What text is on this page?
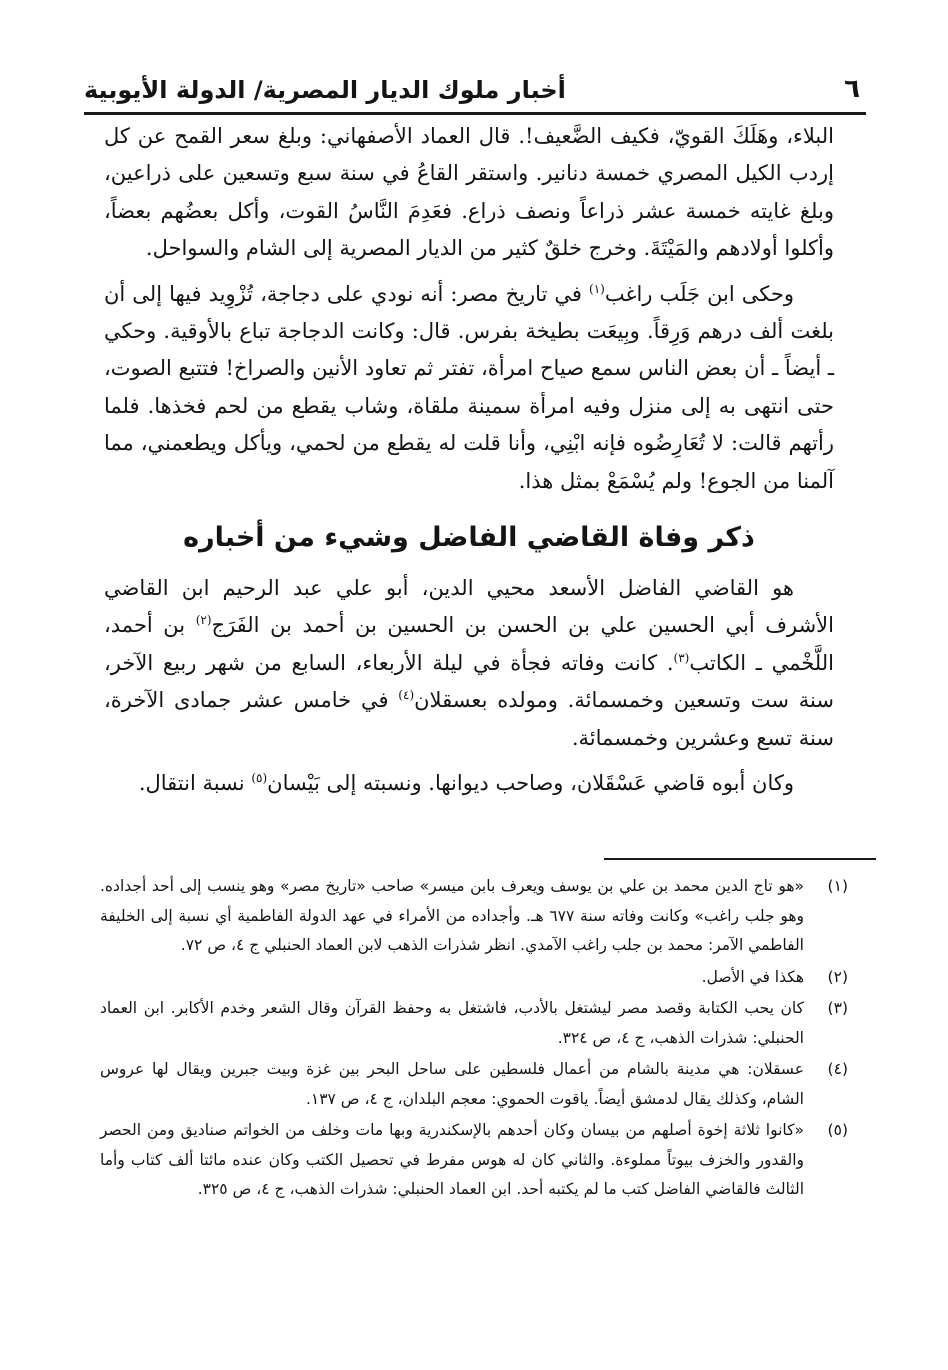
٦
أخبار ملوك الديار المصرية/ الدولة الأيوبية

البلاء، وهَلَكَ القويّ، فكيف الضَّعيف!. قال العماد الأصفهاني: وبلغ سعر القمح عن كل إردب الكيل المصري خمسة دنانير. واستقر القاعُ في سنة سبع وتسعين على ذراعين، وبلغ غايته خمسة عشر ذراعاً ونصف ذراع. فعَدِمَ النَّاسُ القوت، وأكل بعضُهم بعضاً، وأكلوا أولادهم والمَيْتَةَ. وخرج خلقٌ كثير من الديار المصرية إلى الشام والسواحل.

وحكى ابن جَلَب راغب$^{(١)}$ في تاريخ مصر: أنه نودي على دجاجة، تُزْوِيد فيها إلى أن بلغت ألف درهم وَرِقاً. وبِيعَت بطيخة بفرس. قال: وكانت الدجاجة تباع بالأوقية. وحكي ـ أيضاً ـ أن بعض الناس سمع صياح امرأة، تفتر ثم تعاود الأنين والصراخ! فتتبع الصوت، حتى انتهى به إلى منزل وفيه امرأة سمينة ملقاة، وشاب يقطع من لحم فخذها. فلما رأتهم قالت: لا تُعَارِضُوه فإنه ابْنِي، وأنا قلت له يقطع من لحمي، ويأكل ويطعمني، مما آلمنا من الجوع! ولم يُسْمَعْ بمثل هذا.

ذكر وفاة القاضي الفاضل وشيء من أخباره

هو القاضي الفاضل الأسعد محيي الدين، أبو علي عبد الرحيم ابن القاضي الأشرف أبي الحسين علي بن الحسن بن الحسين بن أحمد بن الفَرَج$^{(٢)}$ بن أحمد، اللَّخْمي ـ الكاتب$^{(٣)}$. كانت وفاته فجأة في ليلة الأربعاء، السابع من شهر ربيع الآخر، سنة ست وتسعين وخمسمائة. ومولده بعسقلان$^{(٤)}$ في خامس عشر جمادى الآخرة، سنة تسع وعشرين وخمسمائة.

وكان أبوه قاضي عَسْقَلان، وصاحب ديوانها. ونسبته إلى بَيْسان$^{(٥)}$ نسبة انتقال.

(١)
«هو تاج الدين محمد بن علي بن يوسف ويعرف بابن ميسر» صاحب «تاريخ مصر» وهو ينسب إلى أحد أجداده. وهو جلب راغب» وكانت وفاته سنة ٦٧٧ هـ. وأجداده من الأمراء في عهد الدولة الفاطمية أي نسبة إلى الخليفة الفاطمي الآمر: محمد بن جلب راغب الآمدي. انظر شذرات الذهب لابن العماد الحنبلي ج ٤، ص ٧٢.
(٢)
هكذا في الأصل.
(٣)
كان يحب الكتابة وقصد مصر ليشتغل بالأدب، فاشتغل به وحفظ القرآن وقال الشعر وخدم الأكابر. ابن العماد الحنبلي: شذرات الذهب، ج ٤، ص ٣٢٤.
(٤)
عسقلان: هي مدينة بالشام من أعمال فلسطين على ساحل البحر بين غزة وبيت جبرين ويقال لها عروس الشام، وكذلك يقال لدمشق أيضاً. ياقوت الحموي: معجم البلدان، ج ٤، ص ١٣٧.
(٥)
«كانوا ثلاثة إخوة أصلهم من بيسان وكان أحدهم بالإسكندرية وبها مات وخلف من الخواتم صناديق ومن الحصر والقدور والخزف بيوتاً مملوءة. والثاني كان له هوس مفرط في تحصيل الكتب وكان عنده مائتا ألف كتاب وأما الثالث فالقاضي الفاضل كتب ما لم يكتبه أحد. ابن العماد الحنبلي: شذرات الذهب، ج ٤، ص ٣٢٥.
